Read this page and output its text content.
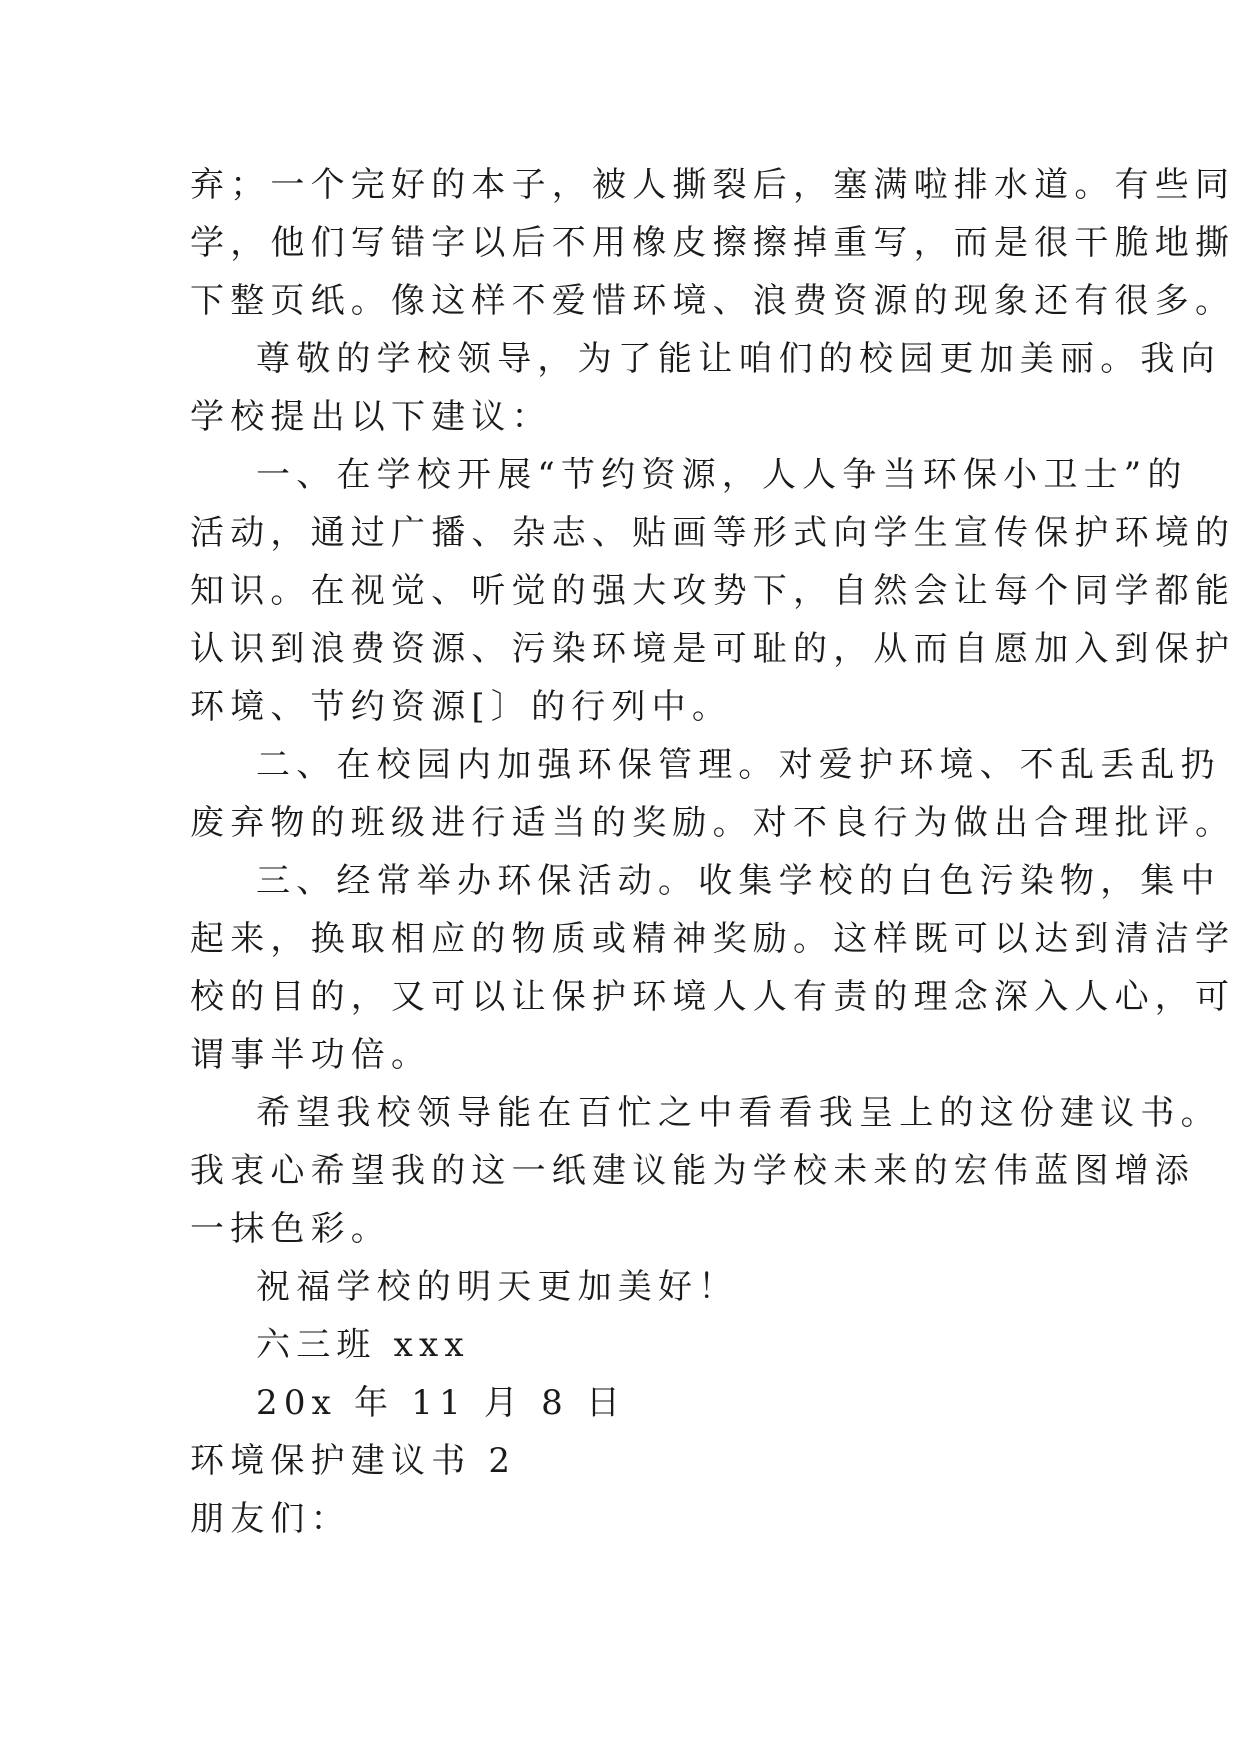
弃；一个完好的本子，被人撕裂后，塞满啦排水道。有些同
学，他们写错字以后不用橡皮擦擦掉重写，而是很干脆地撕
下整页纸。像这样不爱惜环境、浪费资源的现象还有很多。
尊敬的学校领导，为了能让咱们的校园更加美丽。我向
学校提出以下建议：
一、在学校开展“节约资源，人人争当环保小卫士”的
活动，通过广播、杂志、贴画等形式向学生宣传保护环境的
知识。在视觉、听觉的强大攻势下，自然会让每个同学都能
认识到浪费资源、污染环境是可耻的，从而自愿加入到保护
环境、节约资源[〕的行列中。
二、在校园内加强环保管理。对爱护环境、不乱丢乱扔
废弃物的班级进行适当的奖励。对不良行为做出合理批评。
三、经常举办环保活动。收集学校的白色污染物，集中
起来，换取相应的物质或精神奖励。这样既可以达到清洁学
校的目的，又可以让保护环境人人有责的理念深入人心，可
谓事半功倍。
希望我校领导能在百忙之中看看我呈上的这份建议书。
我衷心希望我的这一纸建议能为学校未来的宏伟蓝图增添
一抹色彩。
祝福学校的明天更加美好！
六三班 xxx
20x 年 11 月 8 日
环境保护建议书 2
朋友们：
